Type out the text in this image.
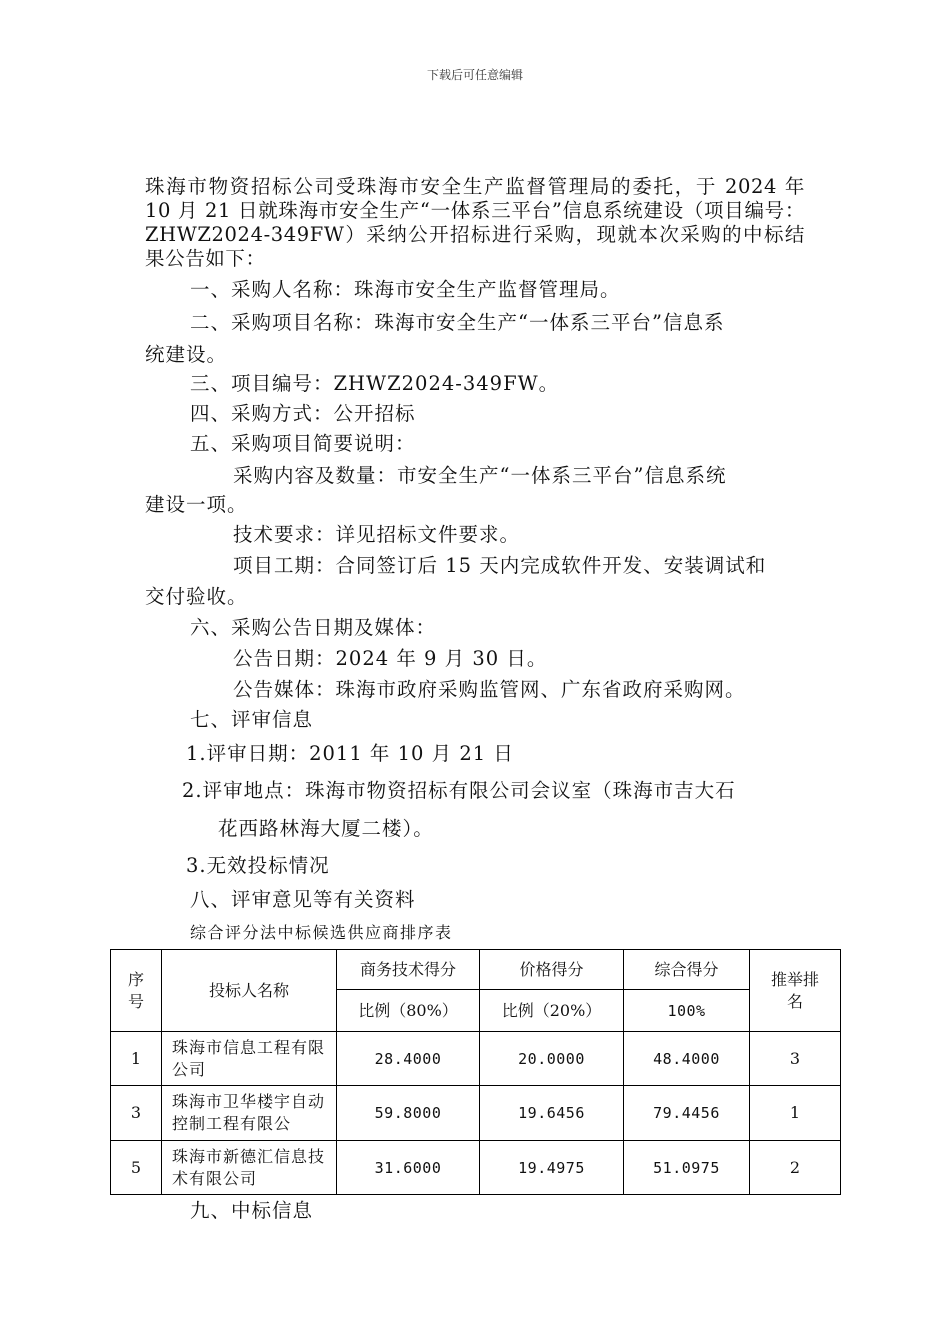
下载后可任意编辑
珠海市物资招标公司受珠海市安全生产监督管理局的委托，于 2024 年 10 月 21 日就珠海市安全生产“一体系三平台”信息系统建设（项目编号：ZHWZ2024-349FW）采纳公开招标进行采购，现就本次采购的中标结果公告如下：
一、采购人名称：珠海市安全生产监督管理局。
二、采购项目名称：珠海市安全生产“一体系三平台”信息系
统建设。
三、项目编号：ZHWZ2024-349FW。
四、采购方式：公开招标
五、采购项目简要说明：
采购内容及数量：市安全生产“一体系三平台”信息系统
建设一项。
技术要求：详见招标文件要求。
项目工期：合同签订后 15 天内完成软件开发、安装调试和
交付验收。
六、采购公告日期及媒体：
公告日期：2024 年 9 月 30 日。
公告媒体：珠海市政府采购监管网、广东省政府采购网。
七、评审信息
1.评审日期：2011 年 10 月 21 日
2.评审地点：珠海市物资招标有限公司会议室（珠海市吉大石
花西路林海大厦二楼）。
3.无效投标情况
八、评审意见等有关资料
综合评分法中标候选供应商排序表
序号	投标人名称	商务技术得分	价格得分	综合得分	推举排名
		比例（80%）	比例（20%）	100%	
1	珠海市信息工程有限公司	28.4000	20.0000	48.4000	3
3	珠海市卫华楼宇自动控制工程有限公	59.8000	19.6456	79.4456	1
5	珠海市新德汇信息技术有限公司	31.6000	19.4975	51.0975	2
九、中标信息
